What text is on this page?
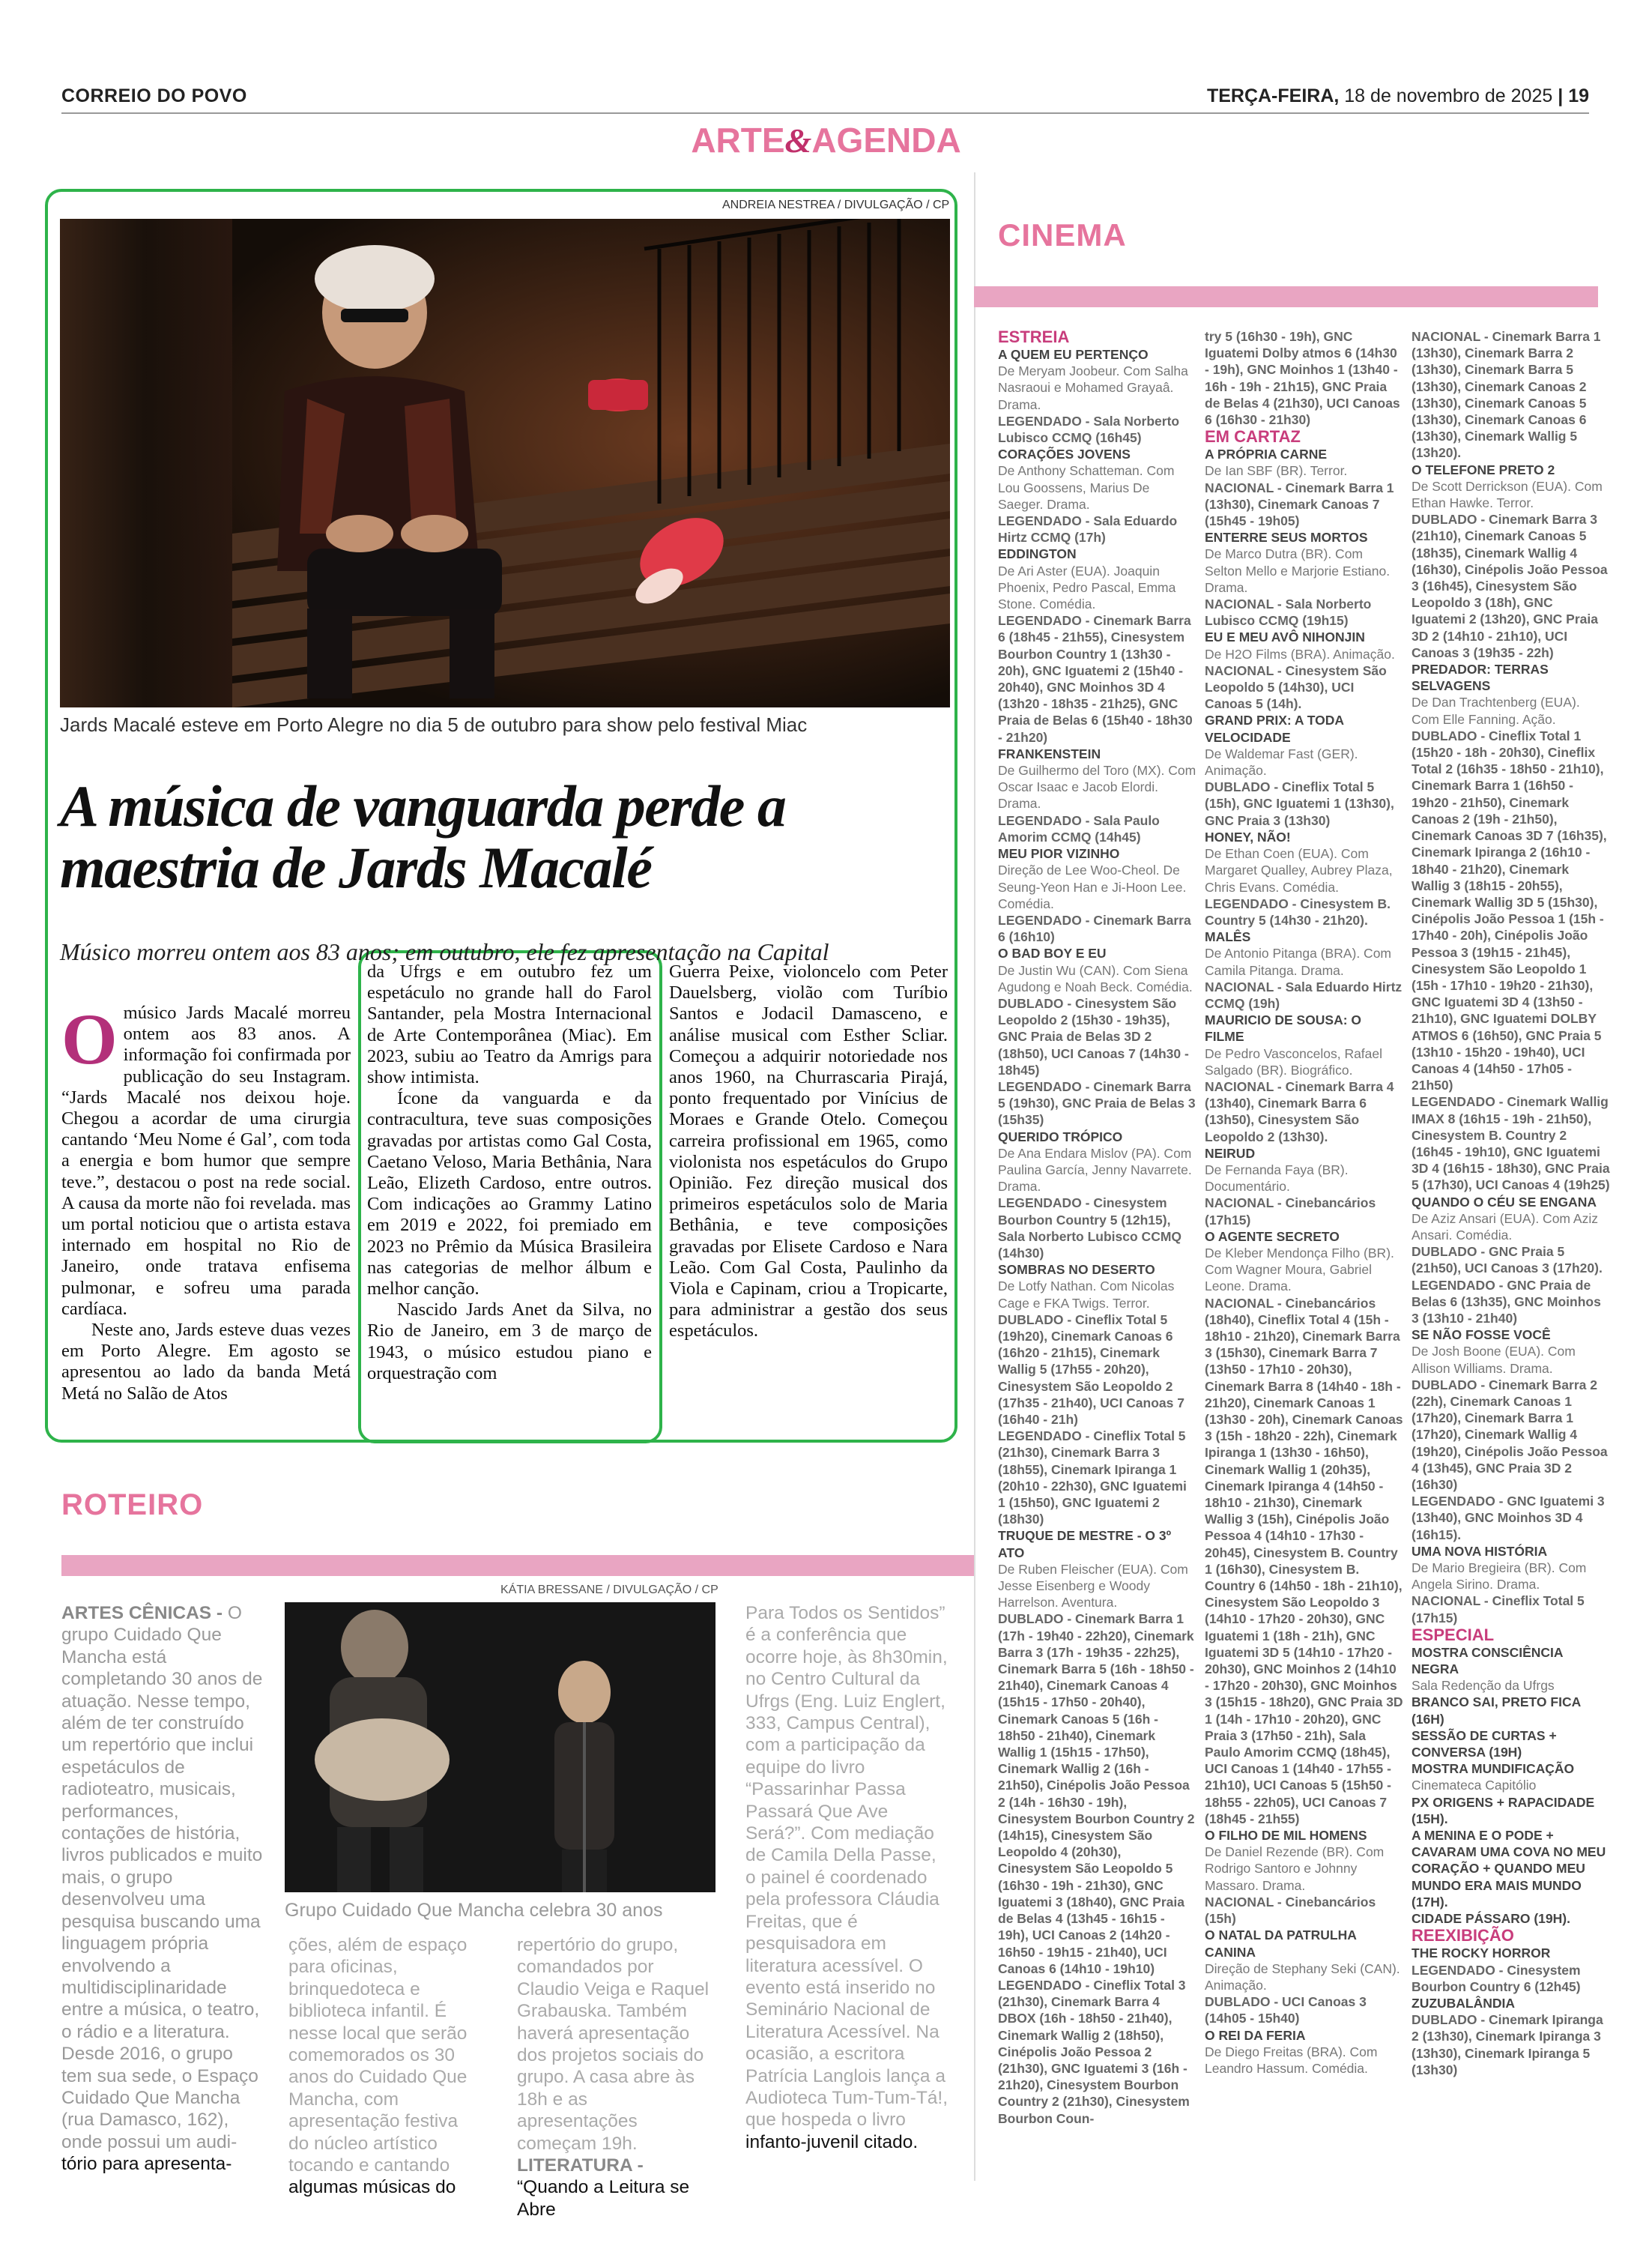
CORREIO DO POVO	TERÇA-FEIRA, 18 de novembro de 2025 | 19
ARTE&AGENDA
ANDREIA NESTREA / DIVULGAÇÃO / CP
Jards Macalé esteve em Porto Alegre no dia 5 de outubro para show pelo festival Miac
A música de vanguarda perde a maestria de Jards Macalé
Músico morreu ontem aos 83 anos; em outubro, ele fez apresentação na Capital
O músico Jards Macalé morreu ontem aos 83 anos. A informação foi confirmada por publicação do seu Instagram. “Jards Macalé nos deixou hoje. Chegou a acordar de uma cirurgia cantando ‘Meu Nome é Gal’, com toda a energia e bom humor que sempre teve.”, destacou o post na rede social. A causa da morte não foi revelada. mas um portal noticiou que o artista estava internado em hospital no Rio de Janeiro, onde tratava enfisema pulmonar, e sofreu uma parada cardíaca.

Neste ano, Jards esteve duas vezes em Porto Alegre. Em agosto se apresentou ao lado da banda Metá Metá no Salão de Atos

da Ufrgs e em outubro fez um espetáculo no grande hall do Farol Santander, pela Mostra Internacional de Arte Contemporânea (Miac). Em 2023, subiu ao Teatro da Amrigs para show intimista.

Ícone da vanguarda e da contracultura, teve suas composições gravadas por artistas como Gal Costa, Caetano Veloso, Maria Bethânia, Nara Leão, Elizeth Cardoso, entre outros. Com indicações ao Grammy Latino em 2019 e 2022, foi premiado em 2023 no Prêmio da Música Brasileira nas categorias de melhor álbum e melhor canção.

Nascido Jards Anet da Silva, no Rio de Janeiro, em 3 de março de 1943, o músico estudou piano e orquestração com

Guerra Peixe, violoncelo com Peter Dauelsberg, violão com Turíbio Santos e Jodacil Damasceno, e análise musical com Esther Scliar. Começou a adquirir notoriedade nos anos 1960, na Churrascaria Pirajá, ponto frequentado por Vinícius de Moraes e Grande Otelo. Começou carreira profissional em 1965, como violonista nos espetáculos do Grupo Opinião. Fez direção musical dos primeiros espetáculos solo de Maria Bethânia, e teve composições gravadas por Elisete Cardoso e Nara Leão. Com Gal Costa, Paulinho da Viola e Capinam, criou a Tropicarte, para administrar a gestão dos seus espetáculos.

CINEMA
ESTREIA
A QUEM EU PERTENÇO
De Meryam Joobeur. Com Salha Nasraoui e Mohamed Grayaâ. Drama.
LEGENDADO - Sala Norberto Lubisco CCMQ (16h45)
CORAÇÕES JOVENS
De Anthony Schatteman. Com Lou Goossens, Marius De Saeger. Drama.
LEGENDADO - Sala Eduardo Hirtz CCMQ (17h)
EDDINGTON
De Ari Aster (EUA). Joaquin Phoenix, Pedro Pascal, Emma Stone. Comédia.
LEGENDADO - Cinemark Barra 6 (18h45 - 21h55), Cinesystem Bourbon Country 1 (13h30 - 20h), GNC Iguatemi 2 (15h40 - 20h40), GNC Moinhos 3D 4 (13h20 - 18h35 - 21h25), GNC Praia de Belas 6 (15h40 - 18h30 - 21h20)
FRANKENSTEIN
De Guilhermo del Toro (MX). Com Oscar Isaac e Jacob Elordi. Drama.
LEGENDADO - Sala Paulo Amorim CCMQ (14h45)
MEU PIOR VIZINHO
Direção de Lee Woo-Cheol. De Seung-Yeon Han e Ji-Hoon Lee. Comédia.
LEGENDADO - Cinemark Barra 6 (16h10)
O BAD BOY E EU
De Justin Wu (CAN). Com Siena Agudong e Noah Beck. Comédia.
DUBLADO - Cinesystem São Leopoldo 2 (15h30 - 19h35), GNC Praia de Belas 3D 2 (18h50), UCI Canoas 7 (14h30 - 18h45)
LEGENDADO - Cinemark Barra 5 (19h30), GNC Praia de Belas 3 (15h35)
QUERIDO TRÓPICO
De Ana Endara Mislov (PA). Com Paulina García, Jenny Navarrete. Drama.
LEGENDADO - Cinesystem Bourbon Country 5 (12h15), Sala Norberto Lubisco CCMQ (14h30)
SOMBRAS NO DESERTO
De Lotfy Nathan. Com Nicolas Cage e FKA Twigs. Terror.
DUBLADO - Cineflix Total 5 (19h20), Cinemark Canoas 6 (16h20 - 21h15), Cinemark Wallig 5 (17h55 - 20h20), Cinesystem São Leopoldo 2 (17h35 - 21h40), UCI Canoas 7 (16h40 - 21h)
LEGENDADO - Cineflix Total 5 (21h30), Cinemark Barra 3 (18h55), Cinemark Ipiranga 1 (20h10 - 22h30), GNC Iguatemi 1 (15h50), GNC Iguatemi 2 (18h30)
TRUQUE DE MESTRE - O 3º ATO
De Ruben Fleischer (EUA). Com Jesse Eisenberg e Woody Harrelson. Aventura.
DUBLADO - Cinemark Barra 1 (17h - 19h40 - 22h20), Cinemark Barra 3 (17h - 19h35 - 22h25), Cinemark Barra 5 (16h - 18h50 - 21h40), Cinemark Canoas 4 (15h15 - 17h50 - 20h40), Cinemark Canoas 5 (16h - 18h50 - 21h40), Cinemark Wallig 1 (15h15 - 17h50), Cinemark Wallig 2 (16h - 21h50), Cinépolis João Pessoa 2 (14h - 16h30 - 19h), Cinesystem Bourbon Country 2 (14h15), Cinesystem São Leopoldo 4 (20h30), Cinesystem São Leopoldo 5 (16h30 - 19h - 21h30), GNC Iguatemi 3 (18h40), GNC Praia de Belas 4 (13h45 - 16h15 - 19h), UCI Canoas 2 (14h20 - 16h50 - 19h15 - 21h40), UCI Canoas 6 (14h10 - 19h10)
LEGENDADO - Cineflix Total 3 (21h30), Cinemark Barra 4 DBOX (16h - 18h50 - 21h40), Cinemark Wallig 2 (18h50), Cinépolis João Pessoa 2 (21h30), GNC Iguatemi 3 (16h - 21h20), Cinesystem Bourbon Country 2 (21h30), Cinesystem Bourbon Coun-
try 5 (16h30 - 19h), GNC Iguatemi Dolby atmos 6 (14h30 - 19h), GNC Moinhos 1 (13h40 - 16h - 19h - 21h15), GNC Praia de Belas 4 (21h30), UCI Canoas 6 (16h30 - 21h30)
EM CARTAZ
A PRÓPRIA CARNE
De Ian SBF (BR). Terror.
NACIONAL - Cinemark Barra 1 (13h30), Cinemark Canoas 7 (15h45 - 19h05)
ENTERRE SEUS MORTOS
De Marco Dutra (BR). Com Selton Mello e Marjorie Estiano. Drama.
NACIONAL - Sala Norberto Lubisco CCMQ (19h15)
EU E MEU AVÔ NIHONJIN
De H2O Films (BRA). Animação.
NACIONAL - Cinesystem São Leopoldo 5 (14h30), UCI Canoas 5 (14h).
GRAND PRIX: A TODA VELOCIDADE
De Waldemar Fast (GER). Animação.
DUBLADO - Cineflix Total 5 (15h), GNC Iguatemi 1 (13h30), GNC Praia 3 (13h30)
HONEY, NÃO!
De Ethan Coen (EUA). Com Margaret Qualley, Aubrey Plaza, Chris Evans. Comédia.
LEGENDADO - Cinesystem B. Country 5 (14h30 - 21h20).
MALÊS
De Antonio Pitanga (BRA). Com Camila Pitanga. Drama.
NACIONAL - Sala Eduardo Hirtz CCMQ (19h)
MAURICIO DE SOUSA: O FILME
De Pedro Vasconcelos, Rafael Salgado (BR). Biográfico.
NACIONAL - Cinemark Barra 4 (13h40), Cinemark Barra 6 (13h50), Cinesystem São Leopoldo 2 (13h30).
NEIRUD
De Fernanda Faya (BR). Documentário.
NACIONAL - Cinebancários (17h15)
O AGENTE SECRETO
De Kleber Mendonça Filho (BR). Com Wagner Moura, Gabriel Leone. Drama.
NACIONAL - Cinebancários (18h40), Cineflix Total 4 (15h - 18h10 - 21h20), Cinemark Barra 3 (15h30), Cinemark Barra 7 (13h50 - 17h10 - 20h30), Cinemark Barra 8 (14h40 - 18h - 21h20), Cinemark Canoas 1 (13h30 - 20h), Cinemark Canoas 3 (15h - 18h20 - 22h), Cinemark Ipiranga 1 (13h30 - 16h50), Cinemark Wallig 1 (20h35), Cinemark Ipiranga 4 (14h50 - 18h10 - 21h30), Cinemark Wallig 3 (15h), Cinépolis João Pessoa 4 (14h10 - 17h30 - 20h45), Cinesystem B. Country 1 (16h30), Cinesystem B. Country 6 (14h50 - 18h - 21h10), Cinesystem São Leopoldo 3 (14h10 - 17h20 - 20h30), GNC Iguatemi 1 (18h - 21h), GNC Iguatemi 3D 5 (14h10 - 17h20 - 20h30), GNC Moinhos 2 (14h10 - 17h20 - 20h30), GNC Moinhos 3 (15h15 - 18h20), GNC Praia 3D 1 (14h - 17h10 - 20h20), GNC Praia 3 (17h50 - 21h), Sala Paulo Amorim CCMQ (18h45), UCI Canoas 1 (14h40 - 17h55 - 21h10), UCI Canoas 5 (15h50 - 18h55 - 22h05), UCI Canoas 7 (18h45 - 21h55)
O FILHO DE MIL HOMENS
De Daniel Rezende (BR). Com Rodrigo Santoro e Johnny Massaro. Drama.
NACIONAL - Cinebancários (15h)
O NATAL DA PATRULHA CANINA
Direção de Stephany Seki (CAN). Animação.
DUBLADO - UCI Canoas 3 (14h05 - 15h40)
O REI DA FERIA
De Diego Freitas (BRA). Com Leandro Hassum. Comédia.
NACIONAL - Cinemark Barra 1 (13h30), Cinemark Barra 2 (13h30), Cinemark Barra 5 (13h30), Cinemark Canoas 2 (13h30), Cinemark Canoas 5 (13h30), Cinemark Canoas 6 (13h30), Cinemark Wallig 5 (13h20).
O TELEFONE PRETO 2
De Scott Derrickson (EUA). Com Ethan Hawke. Terror.
DUBLADO - Cinemark Barra 3 (21h10), Cinemark Canoas 5 (18h35), Cinemark Wallig 4 (16h30), Cinépolis João Pessoa 3 (16h45), Cinesystem São Leopoldo 3 (18h), GNC Iguatemi 2 (13h20), GNC Praia 3D 2 (14h10 - 21h10), UCI Canoas 3 (19h35 - 22h)
PREDADOR: TERRAS SELVAGENS
De Dan Trachtenberg (EUA). Com Elle Fanning. Ação.
DUBLADO - Cineflix Total 1 (15h20 - 18h - 20h30), Cineflix Total 2 (16h35 - 18h50 - 21h10), Cinemark Barra 1 (16h50 - 19h20 - 21h50), Cinemark Canoas 2 (19h - 21h50), Cinemark Canoas 3D 7 (16h35), Cinemark Ipiranga 2 (16h10 - 18h40 - 21h20), Cinemark Wallig 3 (18h15 - 20h55), Cinemark Wallig 3D 5 (15h30), Cinépolis João Pessoa 1 (15h - 17h40 - 20h), Cinépolis João Pessoa 3 (19h15 - 21h45), Cinesystem São Leopoldo 1 (15h - 17h10 - 19h20 - 21h30), GNC Iguatemi 3D 4 (13h50 - 21h10), GNC Iguatemi DOLBY ATMOS 6 (16h50), GNC Praia 5 (13h10 - 15h20 - 19h40), UCI Canoas 4 (14h50 - 17h05 - 21h50)
LEGENDADO - Cinemark Wallig IMAX 8 (16h15 - 19h - 21h50), Cinesystem B. Country 2 (16h45 - 19h10), GNC Iguatemi 3D 4 (16h15 - 18h30), GNC Praia 5 (17h30), UCI Canoas 4 (19h25)
QUANDO O CÉU SE ENGANA
De Aziz Ansari (EUA). Com Aziz Ansari. Comédia.
DUBLADO - GNC Praia 5 (21h50), UCI Canoas 3 (17h20).
LEGENDADO - GNC Praia de Belas 6 (13h35), GNC Moinhos 3 (13h10 - 21h40)
SE NÃO FOSSE VOCÊ
De Josh Boone (EUA). Com Allison Williams. Drama.
DUBLADO - Cinemark Barra 2 (22h), Cinemark Canoas 1 (17h20), Cinemark Barra 1 (17h20), Cinemark Wallig 4 (19h20), Cinépolis João Pessoa 4 (13h45), GNC Praia 3D 2 (16h30)
LEGENDADO - GNC Iguatemi 3 (13h40), GNC Moinhos 3D 4 (16h15).
UMA NOVA HISTÓRIA
De Mario Bregieira (BR). Com Angela Sirino. Drama.
NACIONAL - Cineflix Total 5 (17h15)
ESPECIAL
MOSTRA CONSCIÊNCIA NEGRA
Sala Redenção da Ufrgs
BRANCO SAI, PRETO FICA (16H)
SESSÃO DE CURTAS + CONVERSA (19H)
MOSTRA MUNDIFICAÇÃO
Cinemateca Capitólio
PX ORIGENS + RAPACIDADE (15H).
A MENINA E O PODE + CAVARAM UMA COVA NO MEU CORAÇÃO + QUANDO MEU MUNDO ERA MAIS MUNDO (17H).
CIDADE PÁSSARO (19H).
REEXIBIÇÃO
THE ROCKY HORROR
LEGENDADO - Cinesystem Bourbon Country 6 (12h45)
ZUZUBALÂNDIA
DUBLADO - Cinemark Ipiranga 2 (13h30), Cinemark Ipiranga 3 (13h30), Cinemark Ipiranga 5 (13h30)
ROTEIRO
KÁTIA BRESSANE / DIVULGAÇÃO / CP
Grupo Cuidado Que Mancha celebra 30 anos
ARTES CÊNICAS - O grupo Cuidado Que Mancha está completando 30 anos de atuação. Nesse tempo, além de ter construído um repertório que inclui espetáculos de radioteatro, musicais, performances, contações de história, livros publicados e muito mais, o grupo desenvolveu uma pesquisa buscando uma linguagem própria envolvendo a multidisciplinaridade entre a música, o teatro, o rádio e a literatura. Desde 2016, o grupo tem sua sede, o Espaço Cuidado Que Mancha (rua Damasco, 162), onde possui um audi- tório para apresenta-
ções, além de espaço para oficinas, brinquedoteca e biblioteca infantil. É nesse local que serão comemorados os 30 anos do Cuidado Que Mancha, com apresentação festiva do núcleo artístico tocando e cantando algumas músicas do
repertório do grupo, comandados por Claudio Veiga e Raquel Grabauska. Também haverá apresentação dos projetos sociais do grupo. A casa abre às 18h e as apresentações começam 19h. LITERATURA - “Quando a Leitura se Abre
Para Todos os Sentidos” é a conferência que ocorre hoje, às 8h30min, no Centro Cultural da Ufrgs (Eng. Luiz Englert, 333, Campus Central), com a participação da equipe do livro “Passarinhar Passa Passará Que Ave Será?”. Com mediação de Camila Della Passe, o painel é coordenado pela professora Cláudia Freitas, que é pesquisadora em literatura acessível. O evento está inserido no Seminário Nacional de Literatura Acessível. Na ocasião, a escritora Patrícia Langlois lança a Audioteca Tum-Tum-Tá!, que hospeda o livro infanto-juvenil citado.
